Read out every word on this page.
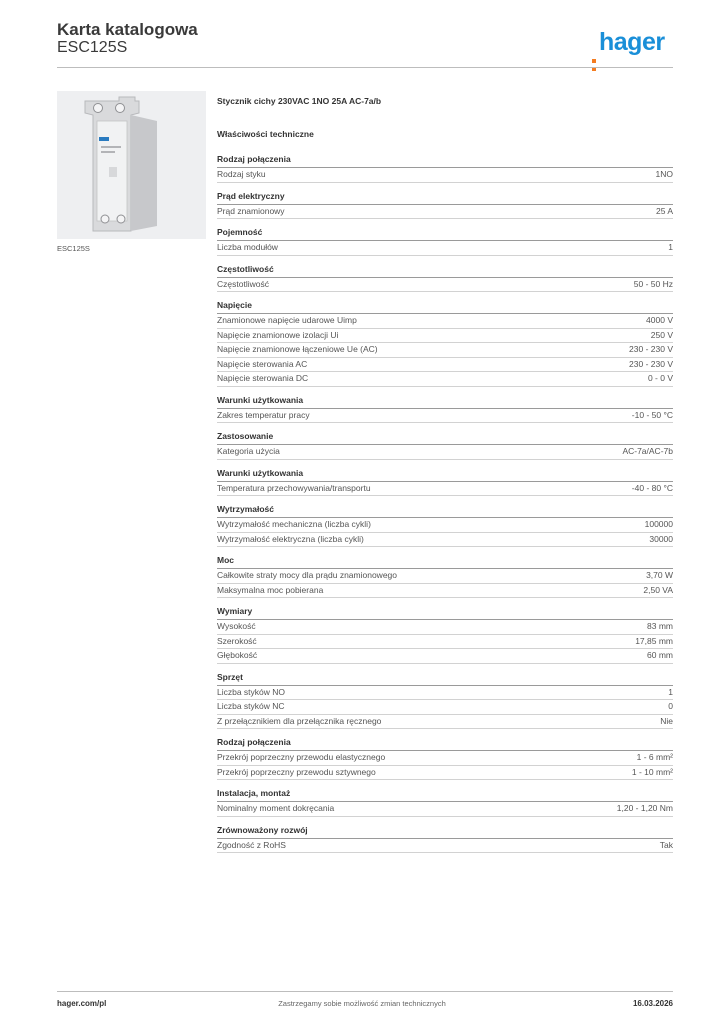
Karta katalogowa
ESC125S	hager
ESC125S
Stycznik cichy 230VAC 1NO 25A AC-7a/b
Właściwości techniczne
Rodzaj połączenia
Rodzaj styku	1NO
Prąd elektryczny
Prąd znamionowy	25 A
Pojemność
Liczba modułów	1
Częstotliwość
Częstotliwość	50 - 50 Hz
Napięcie
Znamionowe napięcie udarowe Uimp	4000 V
Napięcie znamionowe izolacji Ui	250 V
Napięcie znamionowe łączeniowe Ue (AC)	230 - 230 V
Napięcie sterowania AC	230 - 230 V
Napięcie sterowania DC	0 - 0 V
Warunki użytkowania
Zakres temperatur pracy	-10 - 50 °C
Zastosowanie
Kategoria użycia	AC-7a/AC-7b
Warunki użytkowania
Temperatura przechowywania/transportu	-40 - 80 °C
Wytrzymałość
Wytrzymałość mechaniczna (liczba cykli)	100000
Wytrzymałość elektryczna (liczba cykli)	30000
Moc
Całkowite straty mocy dla prądu znamionowego	3,70 W
Maksymalna moc pobierana	2,50 VA
Wymiary
Wysokość	83 mm
Szerokość	17,85 mm
Głębokość	60 mm
Sprzęt
Liczba styków NO	1
Liczba styków NC	0
Z przełącznikiem dla przełącznika ręcznego	Nie
Rodzaj połączenia
Przekrój poprzeczny przewodu elastycznego	1 - 6 mm²
Przekrój poprzeczny przewodu sztywnego	1 - 10 mm²
Instalacja, montaż
Nominalny moment dokręcania	1,20 - 1,20 Nm
Zrównoważony rozwój
Zgodność z RoHS	Tak
hager.com/pl	Zastrzegamy sobie możliwość zmian technicznych	16.03.2026
